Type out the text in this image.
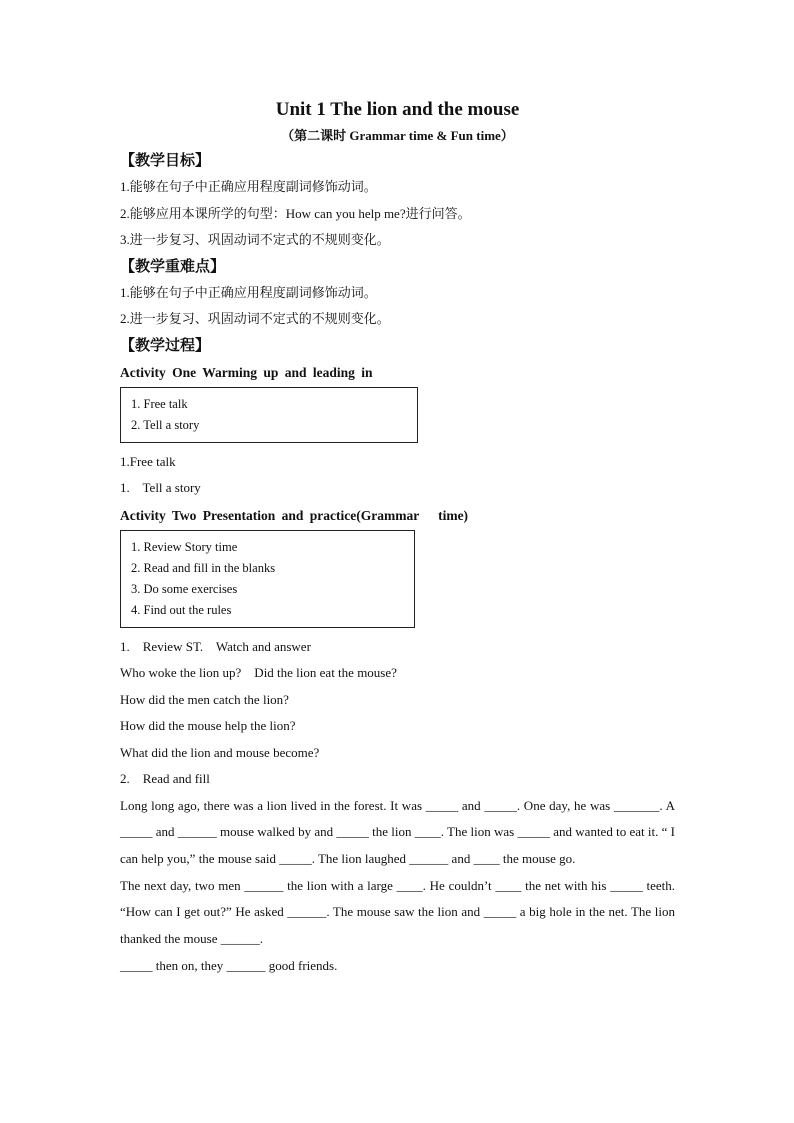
Unit 1 The lion and the mouse
（第二课时 Grammar time & Fun time）
【教学目标】
1.能够在句子中正确应用程度副词修饰动词。
2.能够应用本课所学的句型：How can you help me?进行问答。
3.进一步复习、巩固动词不定式的不规则变化。
【教学重难点】
1.能够在句子中正确应用程度副词修饰动词。
2.进一步复习、巩固动词不定式的不规则变化。
【教学过程】
Activity One Warming up and leading in
1. Free talk
2. Tell a story
1.Free talk
1.    Tell a story
Activity Two Presentation and practice(Grammar   time)
1. Review Story time
2. Read and fill in the blanks
3. Do some exercises
4. Find out the rules
1.    Review ST.    Watch and answer
Who woke the lion up?    Did the lion eat the mouse?
How did the men catch the lion?
How did the mouse help the lion?
What did the lion and mouse become?
2.    Read and fill
Long long ago, there was a lion lived in the forest. It was _____ and _____. One day, he was _______. A _____ and ______ mouse walked by and _____ the lion ____. The lion was _____ and wanted to eat it. “ I can help you,” the mouse said _____. The lion laughed ______ and ____ the mouse go.
The next day, two men ______ the lion with a large ____. He couldn’t ____ the net with his _____ teeth. “How can I get out?” He asked ______. The mouse saw the lion and _____ a big hole in the net. The lion thanked the mouse ______.
_____ then on, they ______ good friends.
